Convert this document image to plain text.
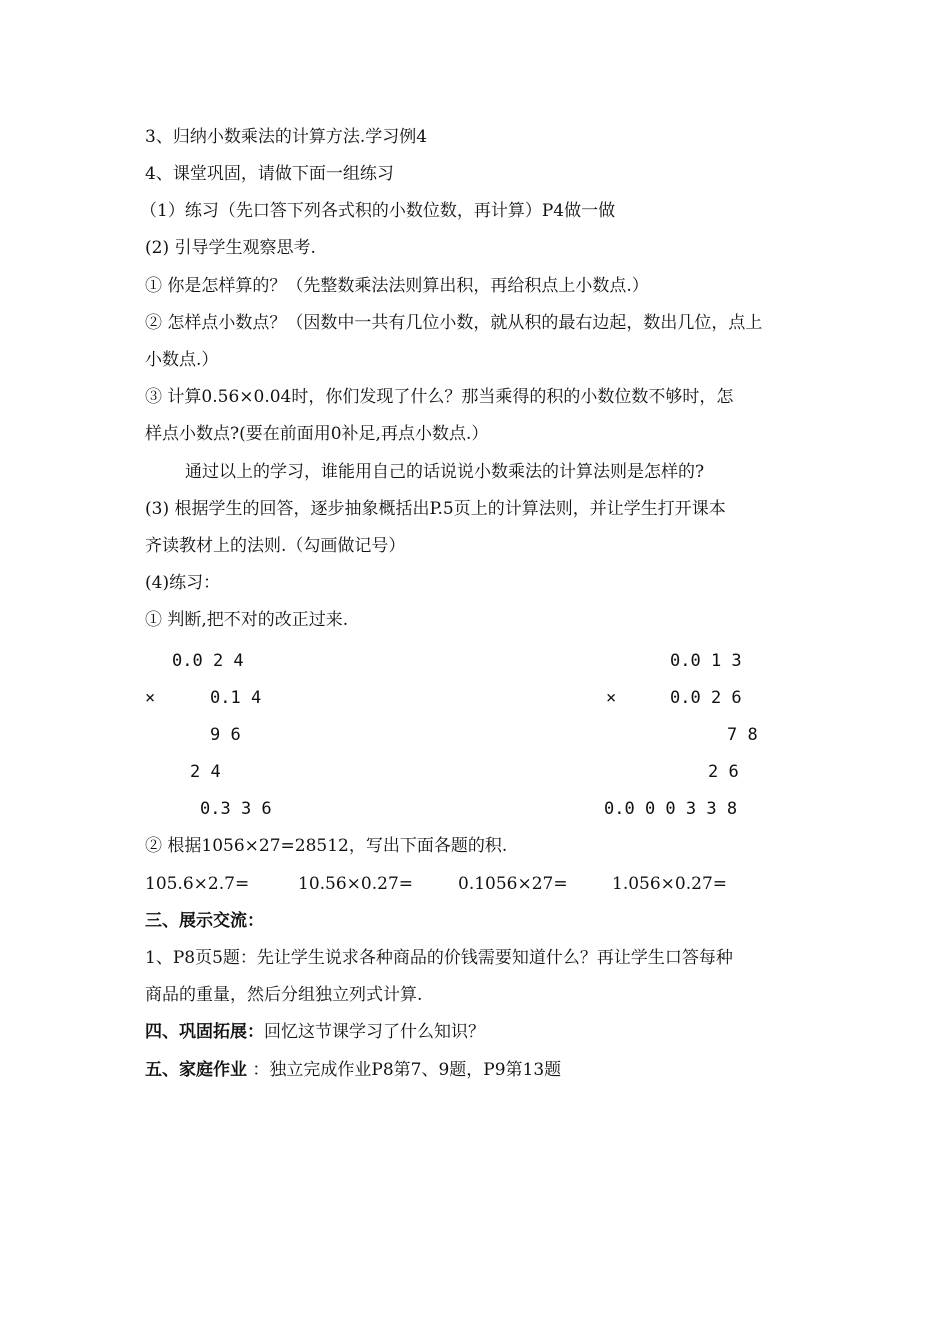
3、归纳小数乘法的计算方法.学习例4
4、课堂巩固，请做下面一组练习
（1）练习（先口答下列各式积的小数位数，再计算）P4做一做
(2) 引导学生观察思考.
① 你是怎样算的？（先整数乘法法则算出积，再给积点上小数点.）
② 怎样点小数点？（因数中一共有几位小数，就从积的最右边起，数出几位，点上
小数点.）
③ 计算0.56×0.04时，你们发现了什么？那当乘得的积的小数位数不够时，怎
样点小数点?(要在前面用0补足,再点小数点.）
通过以上的学习，谁能用自己的话说说小数乘法的计算法则是怎样的?
(3) 根据学生的回答，逐步抽象概括出P.5页上的计算法则，并让学生打开课本
齐读教材上的法则.（勾画做记号）
(4)练习：
① 判断,把不对的改正过来.
0.0 2 4
×	0.1 4
9 6
2 4
0.3 3 6
0.0 1 3
×	0.0 2 6
7 8
2 6
0.0 0 0 3 3 8
② 根据1056×27=28512，写出下面各题的积.
105.6×2.7=	10.56×0.27=	0.1056×27=	1.056×0.27=
三、展示交流：
1、P8页5题：先让学生说求各种商品的价钱需要知道什么？再让学生口答每种
商品的重量，然后分组独立列式计算.
四、巩固拓展：回忆这节课学习了什么知识？
五、家庭作业 ：独立完成作业P8第7、9题，P9第13题
